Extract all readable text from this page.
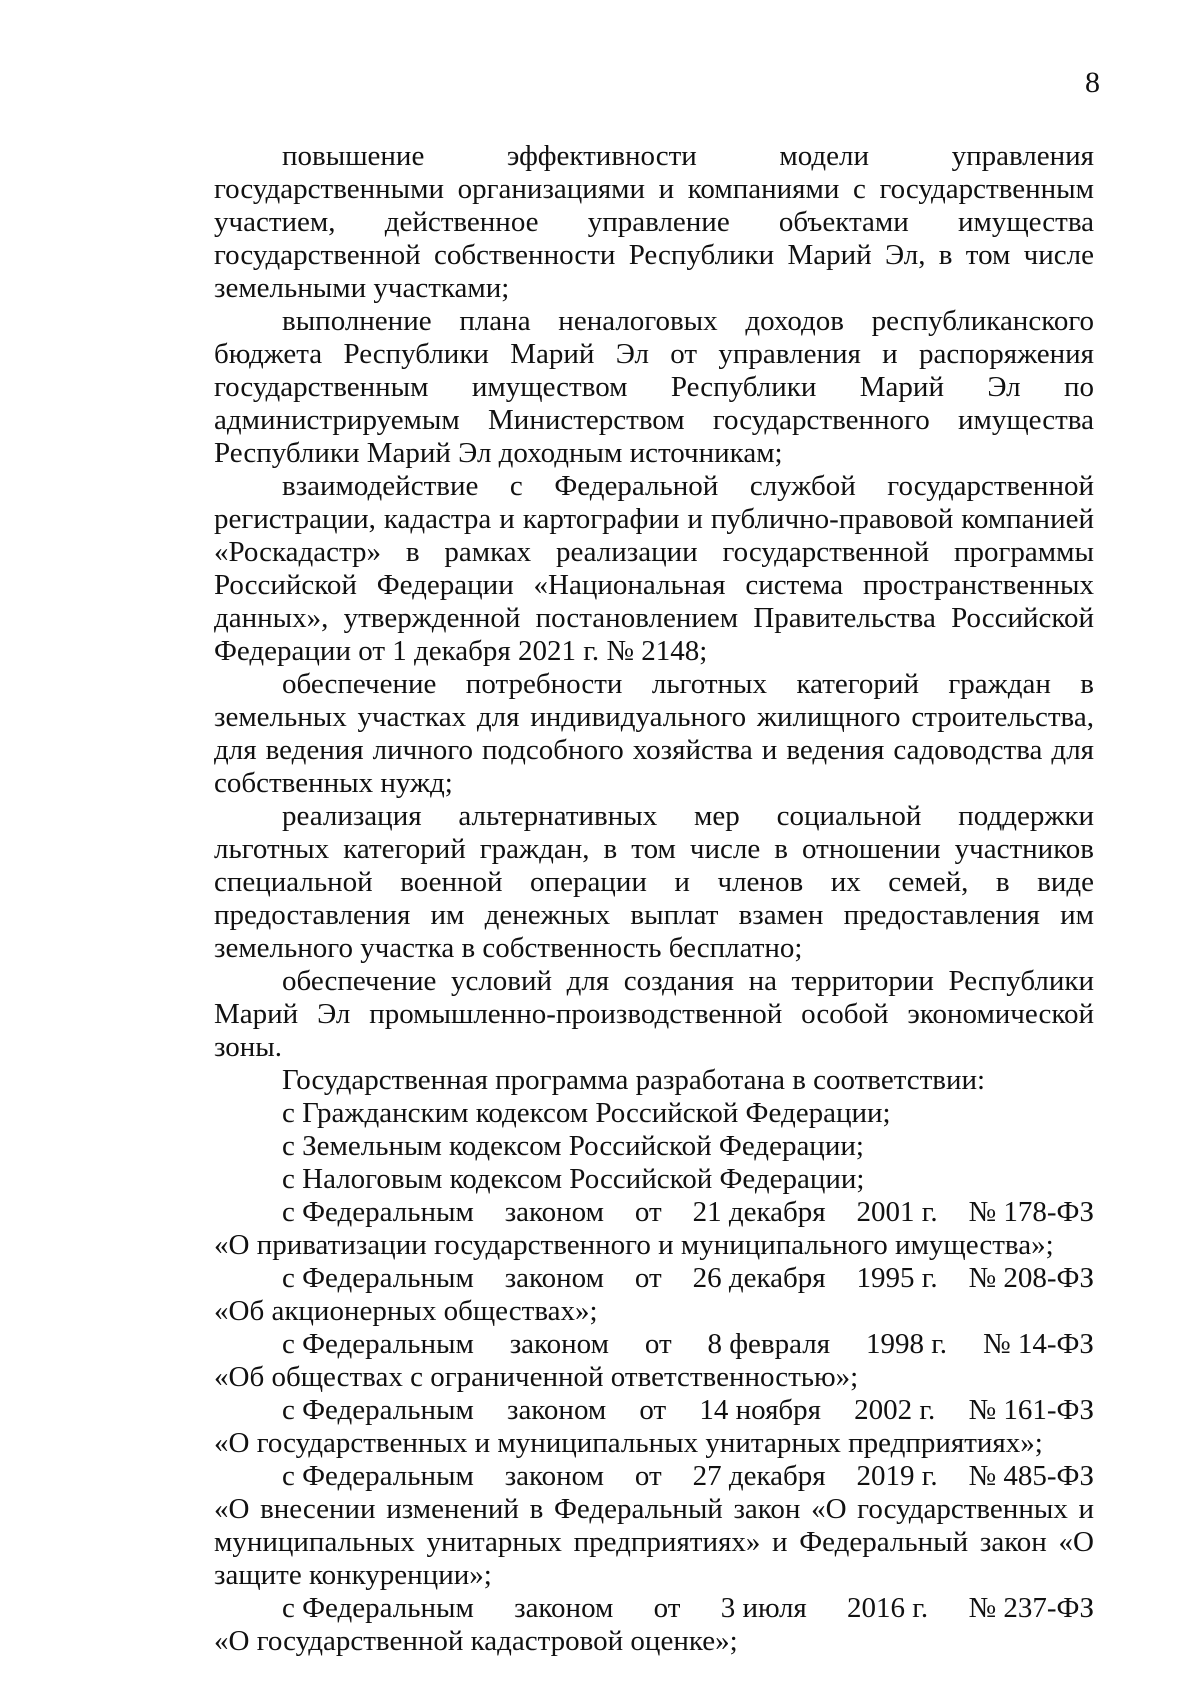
8

повышение эффективности модели управления государственными организациями и компаниями с государственным участием, действенное управление объектами имущества государственной собственности Республики Марий Эл, в том числе земельными участками;

выполнение плана неналоговых доходов республиканского бюджета Республики Марий Эл от управления и распоряжения государственным имуществом Республики Марий Эл по администрируемым Министерством государственного имущества Республики Марий Эл доходным источникам;

взаимодействие с Федеральной службой государственной регистрации, кадастра и картографии и публично-правовой компанией «Роскадастр» в рамках реализации государственной программы Российской Федерации «Национальная система пространственных данных», утвержденной постановлением Правительства Российской Федерации от 1 декабря 2021 г. № 2148;

обеспечение потребности льготных категорий граждан в земельных участках для индивидуального жилищного строительства, для ведения личного подсобного хозяйства и ведения садоводства для собственных нужд;

реализация альтернативных мер социальной поддержки льготных категорий граждан, в том числе в отношении участников специальной военной операции и членов их семей, в виде предоставления им денежных выплат взамен предоставления им земельного участка в собственность бесплатно;

обеспечение условий для создания на территории Республики Марий Эл промышленно-производственной особой экономической зоны.

Государственная программа разработана в соответствии:

с Гражданским кодексом Российской Федерации;

с Земельным кодексом Российской Федерации;

с Налоговым кодексом Российской Федерации;

с Федеральным законом от 21 декабря 2001 г. № 178-ФЗ

«О приватизации государственного и муниципального имущества»;

с Федеральным законом от 26 декабря 1995 г. № 208-ФЗ

«Об акционерных обществах»;

с Федеральным законом от 8 февраля 1998 г. № 14-ФЗ

«Об обществах с ограниченной ответственностью»;

с Федеральным законом от 14 ноября 2002 г. № 161-ФЗ

«О государственных и муниципальных унитарных предприятиях»;

с Федеральным законом от 27 декабря 2019 г. № 485-ФЗ

«О внесении изменений в Федеральный закон «О государственных и муниципальных унитарных предприятиях» и Федеральный закон «О защите конкуренции»;

с Федеральным законом от 3 июля 2016 г. № 237-ФЗ

«О государственной кадастровой оценке»;
